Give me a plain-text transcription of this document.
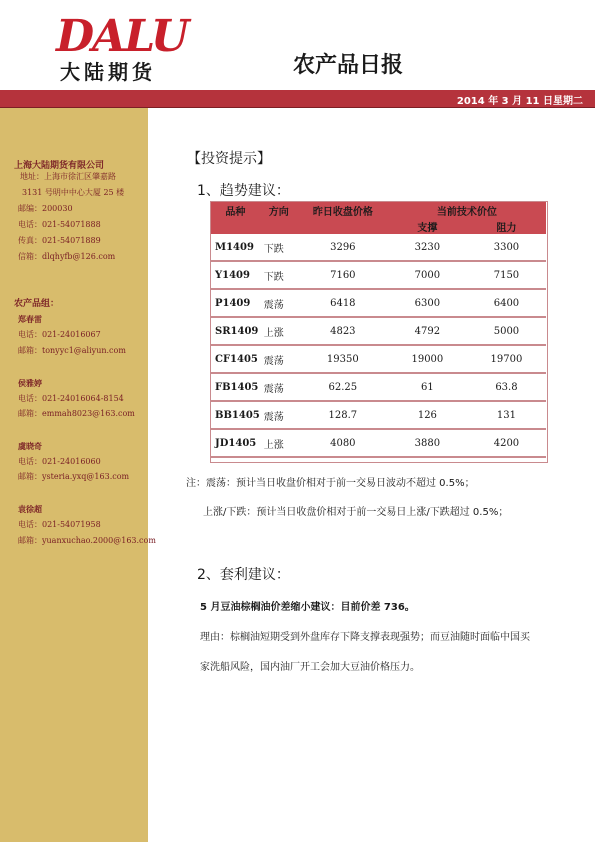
DALU
大陆期货	农产品日报
2014 年 3 月 11 日星期二
上海大陆期货有限公司
地址：上海市徐汇区肇嘉路
3131 号明中中心大厦 25 楼
邮编：200030
电话：021-54071888
传真：021-54071889
信箱：dlqhyfb@126.com
农产品组：
郑春雷
电话：021-24016067
邮箱：tonyyc1@aliyun.com
侯雅婷
电话：021-24016064-8154
邮箱：emmah8023@163.com
虞晓奇
电话：021-24016060
邮箱：ysteria.yxq@163.com
袁徐超
电话：021-54071958
邮箱：yuanxuchao.2000@163.com
【投资提示】
1、趋势建议：
品种	方向	昨日收盘价格	当前技术价位	
			支撑	阻力
M1409	下跌	3296	3230	3300
Y1409	下跌	7160	7000	7150
P1409	震荡	6418	6300	6400
SR1409	上涨	4823	4792	5000
CF1405	震荡	19350	19000	19700
FB1405	震荡	62.25	61	63.8
BB1405	震荡	128.7	126	131
JD1405	上涨	4080	3880	4200
注：震荡：预计当日收盘价相对于前一交易日波动不超过 0.5%；
上涨/下跌：预计当日收盘价相对于前一交易日上涨/下跌超过 0.5%；
2、套利建议：
5 月豆油棕榈油价差缩小建议：目前价差 736。
理由：棕榈油短期受到外盘库存下降支撑表现强势；而豆油随时面临中国买
家洗船风险，国内油厂开工会加大豆油价格压力。
